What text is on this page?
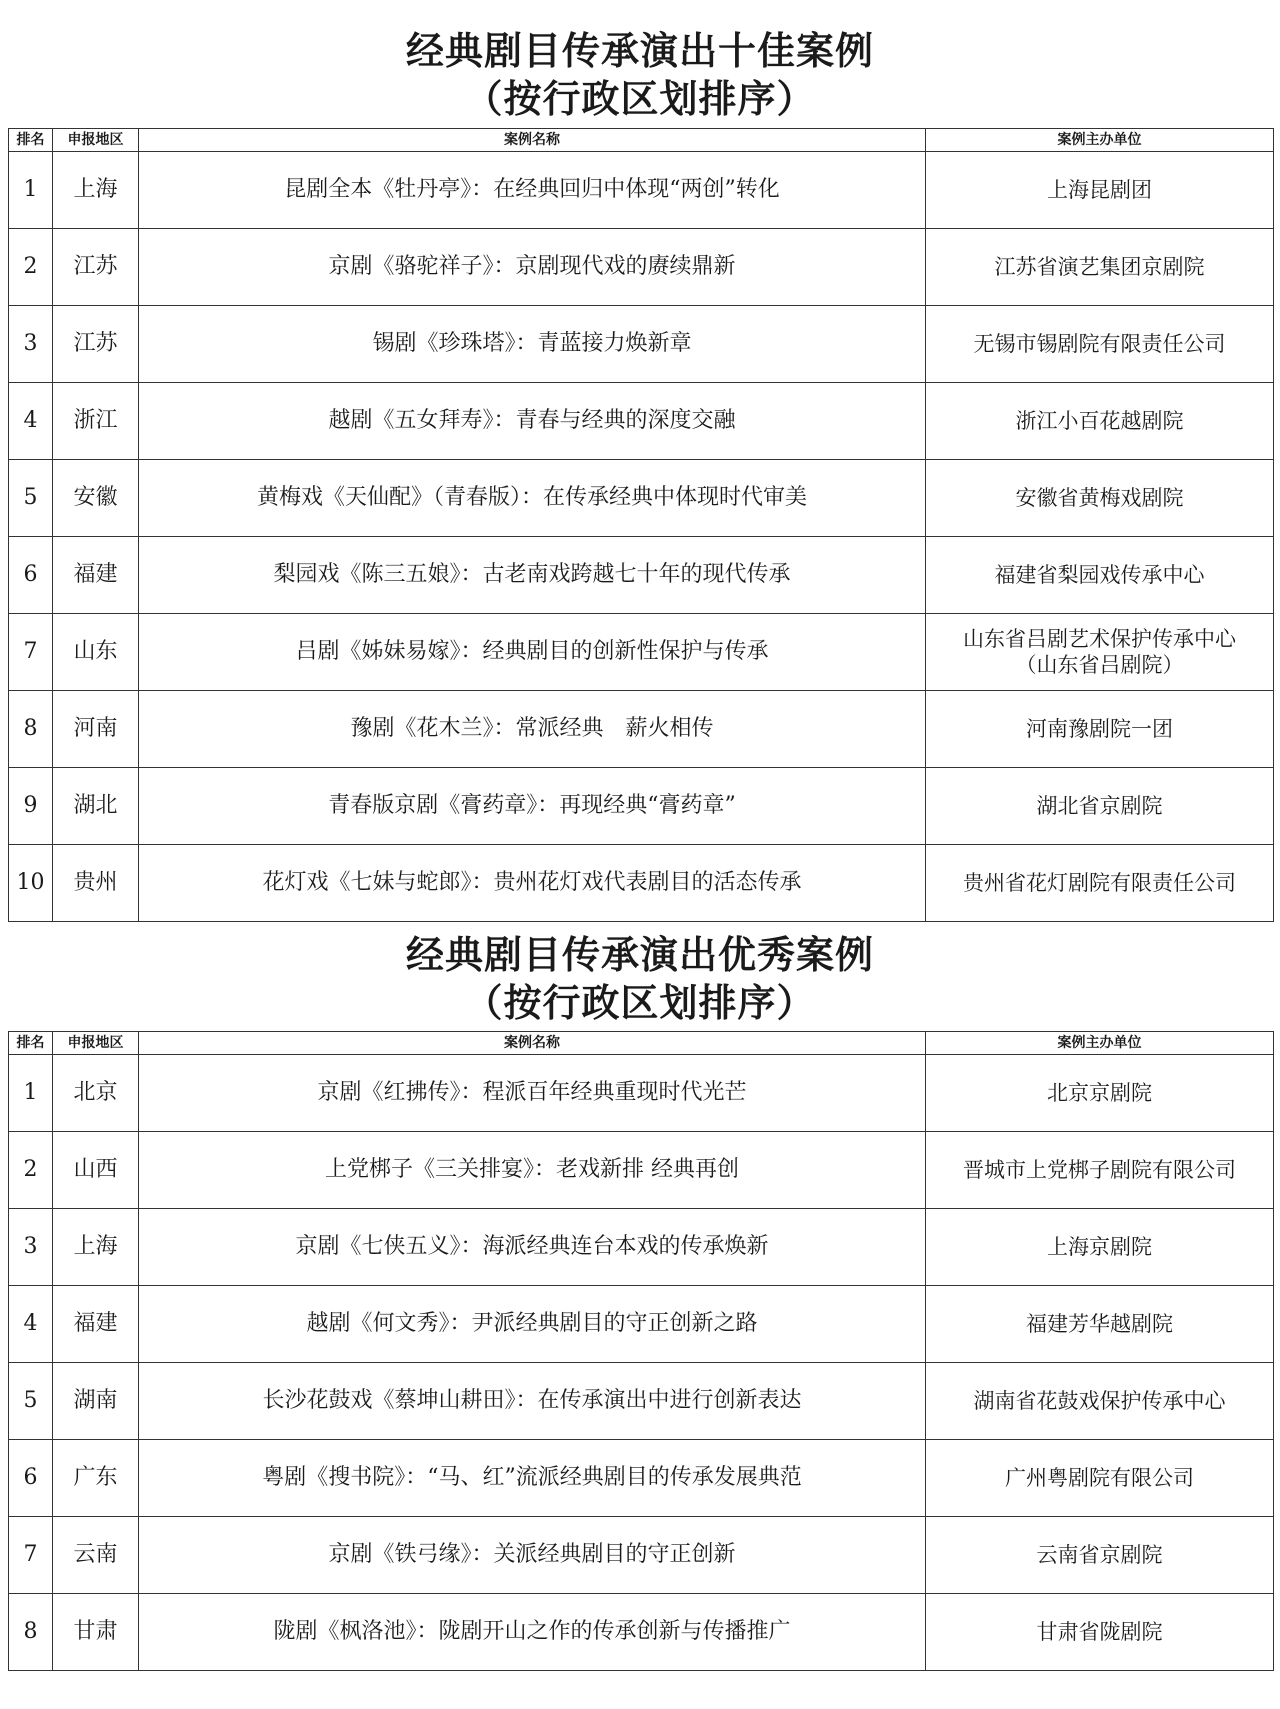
经典剧目传承演出十佳案例
（按行政区划排序）
排名	申报地区	案例名称	案例主办单位
1	上海	昆剧全本《牡丹亭》：在经典回归中体现“两创”转化	上海昆剧团
2	江苏	京剧《骆驼祥子》：京剧现代戏的赓续鼎新	江苏省演艺集团京剧院
3	江苏	锡剧《珍珠塔》：青蓝接力焕新章	无锡市锡剧院有限责任公司
4	浙江	越剧《五女拜寿》：青春与经典的深度交融	浙江小百花越剧院
5	安徽	黄梅戏《天仙配》（青春版）：在传承经典中体现时代审美	安徽省黄梅戏剧院
6	福建	梨园戏《陈三五娘》：古老南戏跨越七十年的现代传承	福建省梨园戏传承中心
7	山东	吕剧《姊妹易嫁》：经典剧目的创新性保护与传承	山东省吕剧艺术保护传承中心
（山东省吕剧院）

8	河南	豫剧《花木兰》：常派经典　薪火相传	河南豫剧院一团
9	湖北	青春版京剧《膏药章》：再现经典“膏药章”	湖北省京剧院
10	贵州	花灯戏《七妹与蛇郎》：贵州花灯戏代表剧目的活态传承	贵州省花灯剧院有限责任公司
经典剧目传承演出优秀案例
（按行政区划排序）
排名	申报地区	案例名称	案例主办单位
1	北京	京剧《红拂传》：程派百年经典重现时代光芒	北京京剧院
2	山西	上党梆子《三关排宴》：老戏新排 经典再创	晋城市上党梆子剧院有限公司
3	上海	京剧《七侠五义》：海派经典连台本戏的传承焕新	上海京剧院
4	福建	越剧《何文秀》：尹派经典剧目的守正创新之路	福建芳华越剧院
5	湖南	长沙花鼓戏《蔡坤山耕田》：在传承演出中进行创新表达	湖南省花鼓戏保护传承中心
6	广东	粤剧《搜书院》：“马、红”流派经典剧目的传承发展典范	广州粤剧院有限公司
7	云南	京剧《铁弓缘》：关派经典剧目的守正创新	云南省京剧院
8	甘肃	陇剧《枫洛池》：陇剧开山之作的传承创新与传播推广	甘肃省陇剧院
